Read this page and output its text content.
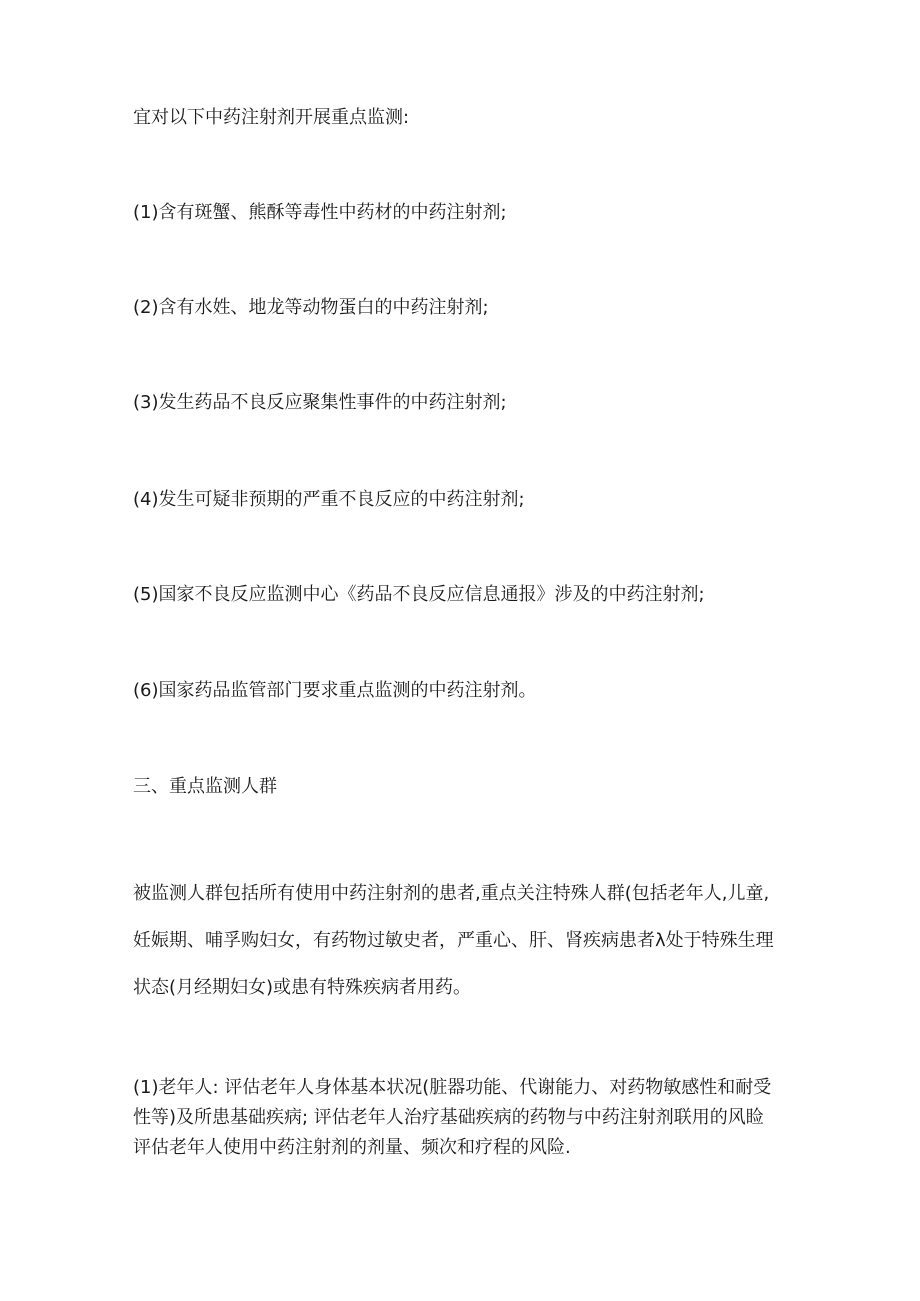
宜对以下中药注射剂开展重点监测:
(1)含有斑蟹、熊酥等毒性中药材的中药注射剂;
(2)含有水姓、地龙等动物蛋白的中药注射剂;
(3)发生药品不良反应聚集性事件的中药注射剂;
(4)发生可疑非预期的严重不良反应的中药注射剂;
(5)国家不良反应监测中心《药品不良反应信息通报》涉及的中药注射剂;
(6)国家药品监管部门要求重点监测的中药注射剂。
三、重点监测人群
被监测人群包括所有使用中药注射剂的患者,重点关注特殊人群(包括老年人,儿童,
妊娠期、哺孚购妇女，有药物过敏史者，严重心、肝、肾疾病患者λ处于特殊生理
状态(月经期妇女)或患有特殊疾病者用药。
(1)老年人: 评估老年人身体基本状况(脏器功能、代谢能力、对药物敏感性和耐受
性等)及所患基础疾病; 评估老年人治疗基础疾病的药物与中药注射剂联用的风睑
评估老年人使用中药注射剂的剂量、频次和疗程的风险.
